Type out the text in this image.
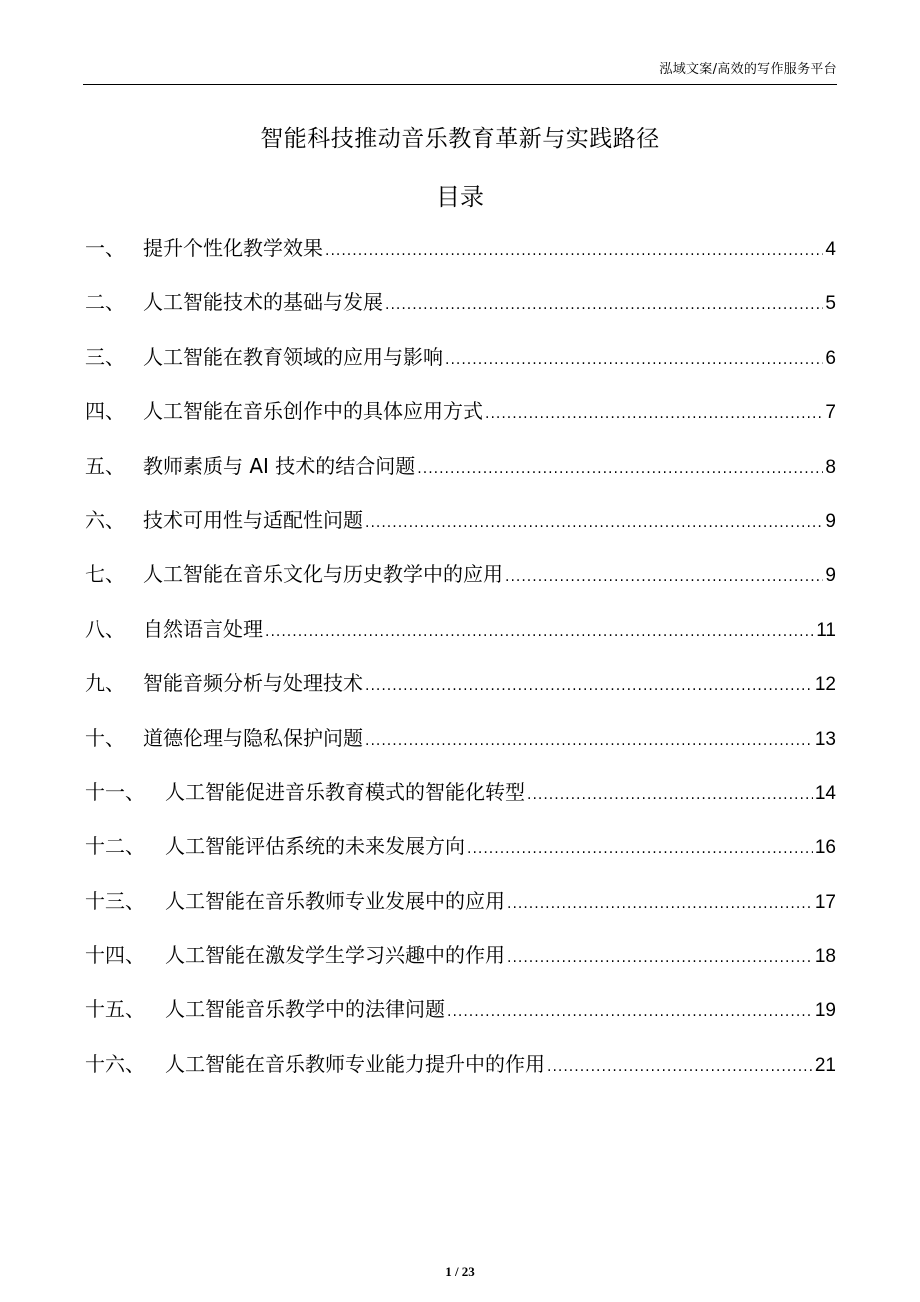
泓域文案/高效的写作服务平台
智能科技推动音乐教育革新与实践路径
目录
一、 提升个性化教学效果 .....	4
二、 人工智能技术的基础与发展 .....	5
三、 人工智能在教育领域的应用与影响 .....	6
四、 人工智能在音乐创作中的具体应用方式 .....	7
五、 教师素质与 AI 技术的结合问题 .....	8
六、 技术可用性与适配性问题 .....	9
七、 人工智能在音乐文化与历史教学中的应用 .....	9
八、 自然语言处理 .....	11
九、 智能音频分析与处理技术 .....	12
十、 道德伦理与隐私保护问题 .....	13
十一、	人工智能促进音乐教育模式的智能化转型 .....	14
十二、	人工智能评估系统的未来发展方向 .....	16
十三、	人工智能在音乐教师专业发展中的应用 .....	17
十四、	人工智能在激发学生学习兴趣中的作用 .....	18
十五、	人工智能音乐教学中的法律问题 .....	19
十六、	人工智能在音乐教师专业能力提升中的作用 .....	21
1 / 23
